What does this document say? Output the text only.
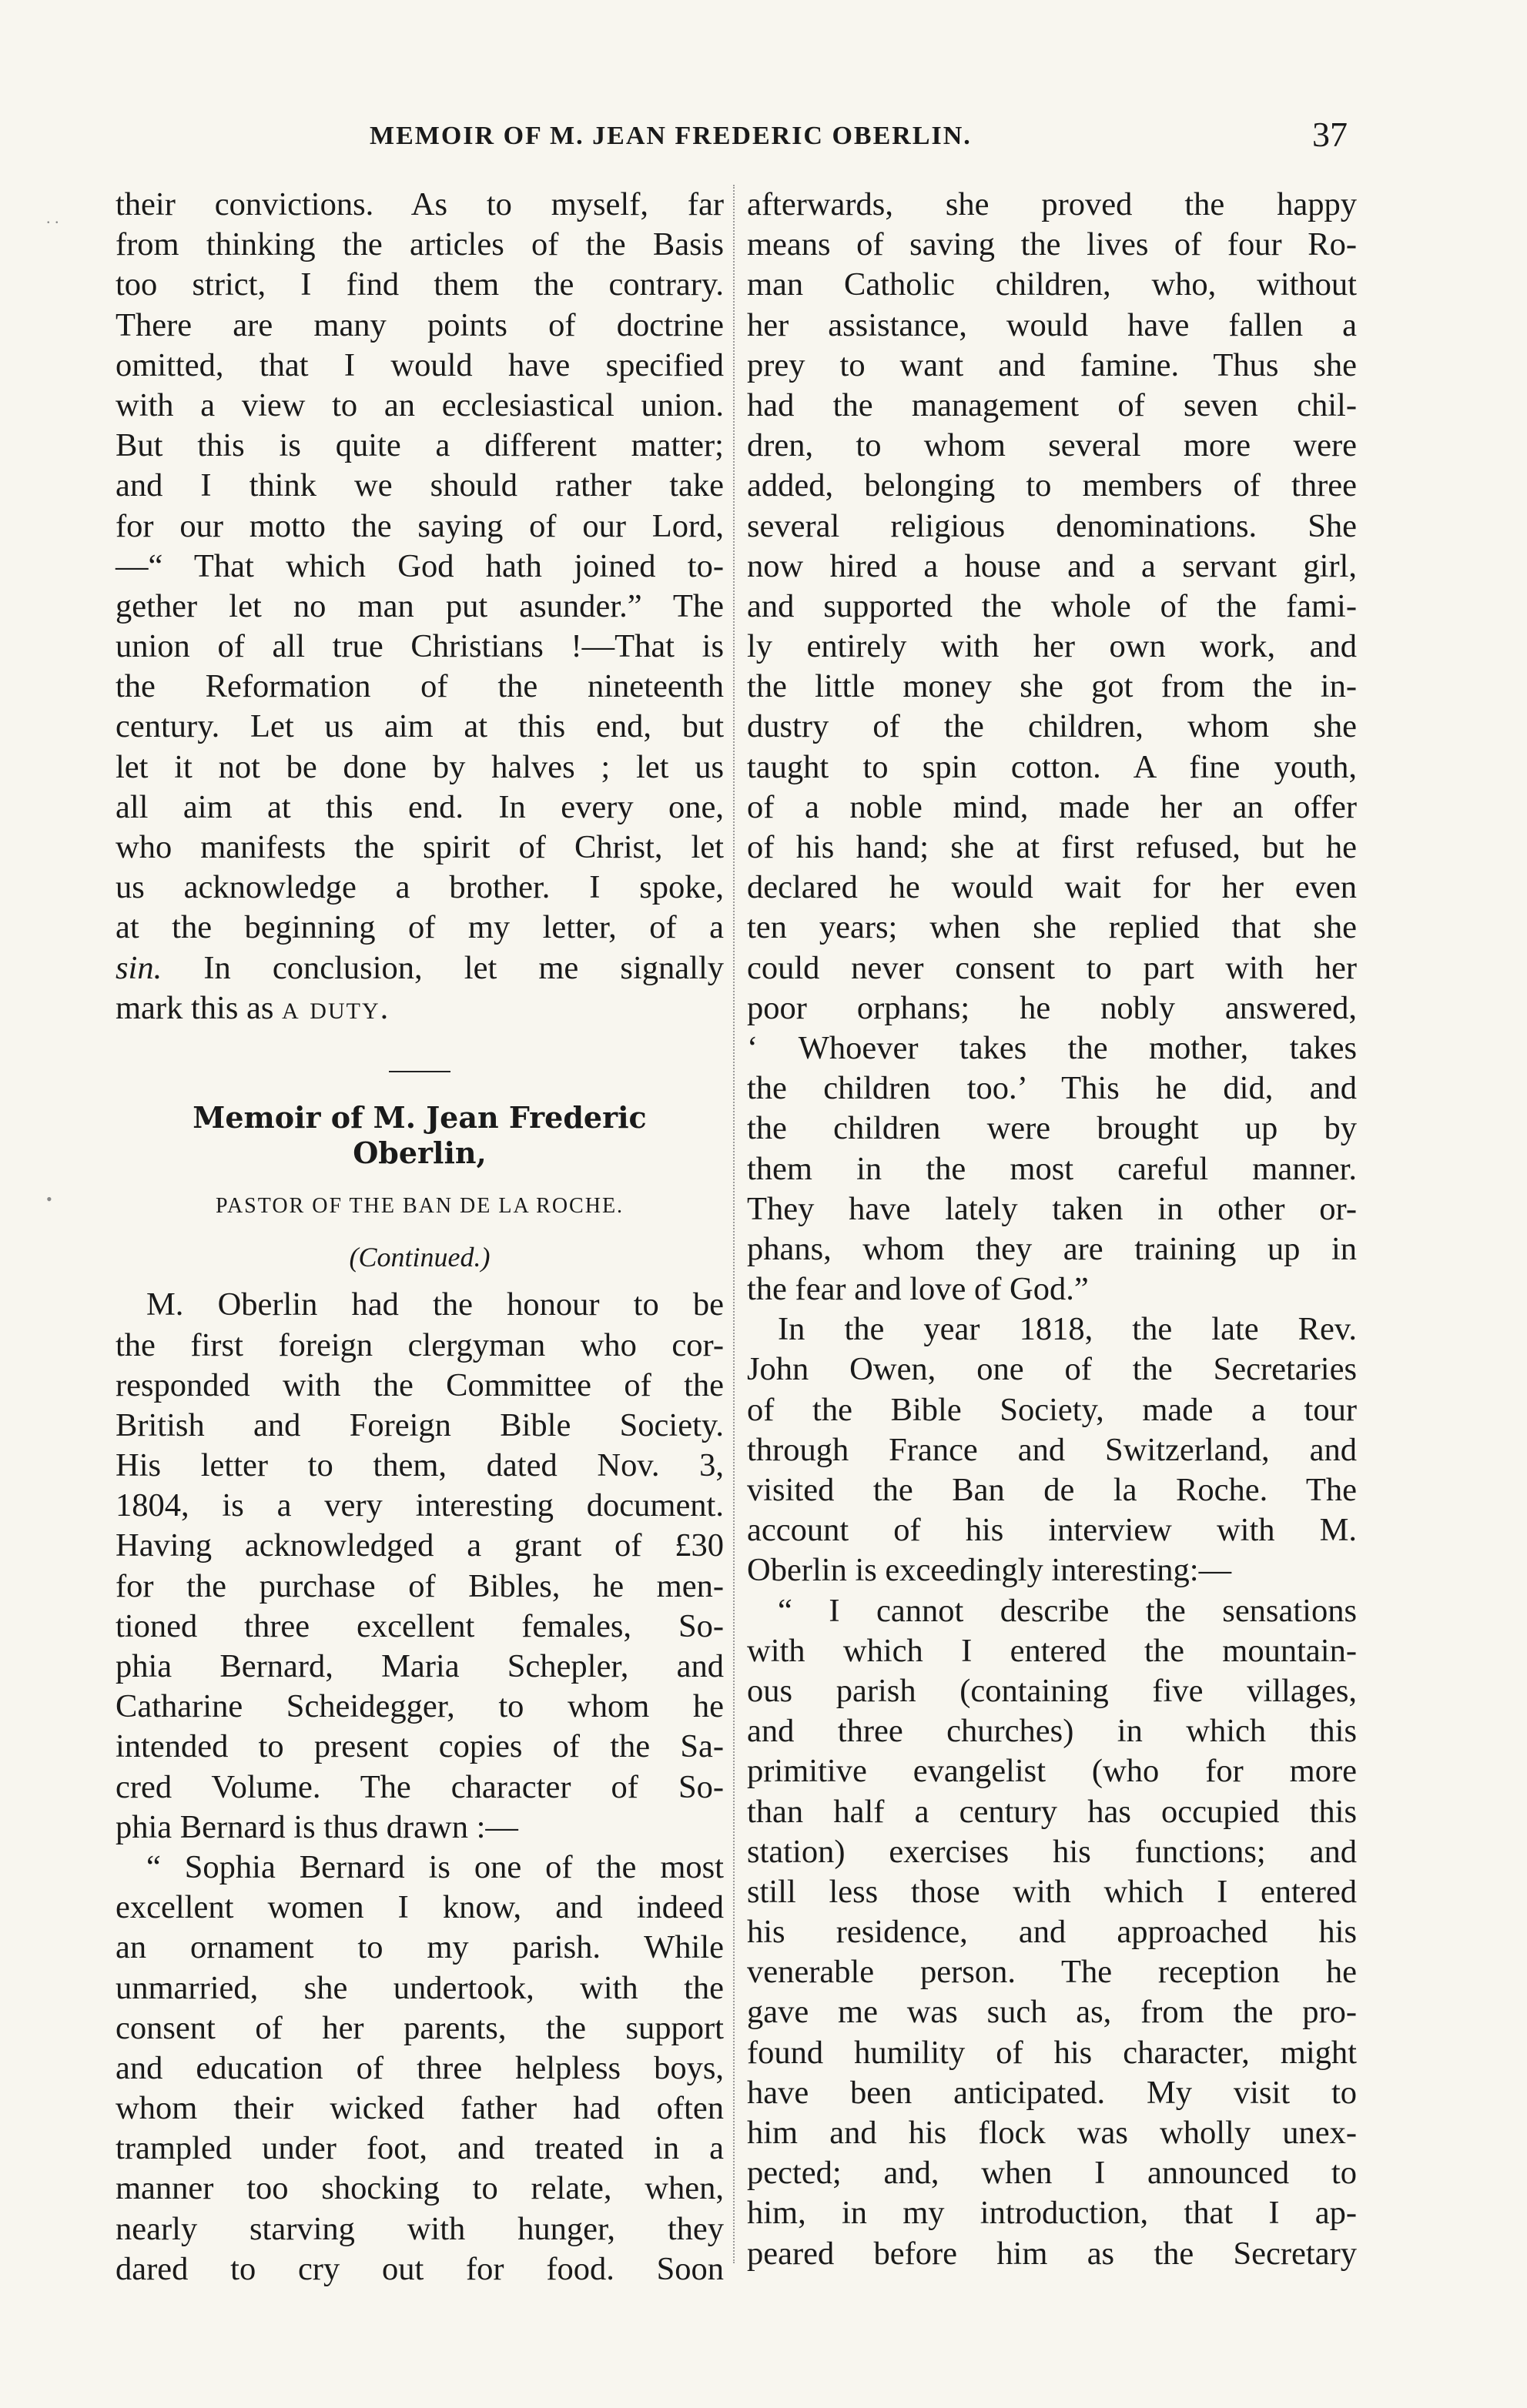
MEMOIR OF M. JEAN FREDERIC OBERLIN.	37
their convictions. As to myself, far
from thinking the articles of the Basis
too strict, I find them the contrary.
There are many points of doctrine
omitted, that I would have specified
with a view to an ecclesiastical union.
But this is quite a different matter;
and I think we should rather take
for our motto the saying of our Lord,
—“ That which God hath joined to-
gether let no man put asunder.” The
union of all true Christians !—That is
the Reformation of the nineteenth
century. Let us aim at this end, but
let it not be done by halves ; let us
all aim at this end. In every one,
who manifests the spirit of Christ, let
us acknowledge a brother. I spoke,
at the beginning of my letter, of a
sin. In conclusion, let me signally
mark this as a duty.
Memoir of M. Jean Frederic
Oberlin,
PASTOR OF THE BAN DE LA ROCHE.
(Continued.)
M. Oberlin had the honour to be
the first foreign clergyman who cor-
responded with the Committee of the
British and Foreign Bible Society.
His letter to them, dated Nov. 3,
1804, is a very interesting document.
Having acknowledged a grant of £30
for the purchase of Bibles, he men-
tioned three excellent females, So-
phia Bernard, Maria Schepler, and
Catharine Scheidegger, to whom he
intended to present copies of the Sa-
cred Volume. The character of So-
phia Bernard is thus drawn :—
“ Sophia Bernard is one of the most
excellent women I know, and indeed
an ornament to my parish. While
unmarried, she undertook, with the
consent of her parents, the support
and education of three helpless boys,
whom their wicked father had often
trampled under foot, and treated in a
manner too shocking to relate, when,
nearly starving with hunger, they
dared to cry out for food. Soon
afterwards, she proved the happy
means of saving the lives of four Ro-
man Catholic children, who, without
her assistance, would have fallen a
prey to want and famine. Thus she
had the management of seven chil-
dren, to whom several more were
added, belonging to members of three
several religious denominations. She
now hired a house and a servant girl,
and supported the whole of the fami-
ly entirely with her own work, and
the little money she got from the in-
dustry of the children, whom she
taught to spin cotton. A fine youth,
of a noble mind, made her an offer
of his hand; she at first refused, but he
declared he would wait for her even
ten years; when she replied that she
could never consent to part with her
poor orphans; he nobly answered,
‘ Whoever takes the mother, takes
the children too.’ This he did, and
the children were brought up by
them in the most careful manner.
They have lately taken in other or-
phans, whom they are training up in
the fear and love of God.”
In the year 1818, the late Rev.
John Owen, one of the Secretaries
of the Bible Society, made a tour
through France and Switzerland, and
visited the Ban de la Roche. The
account of his interview with M.
Oberlin is exceedingly interesting:—
“ I cannot describe the sensations
with which I entered the mountain-
ous parish (containing five villages,
and three churches) in which this
primitive evangelist (who for more
than half a century has occupied this
station) exercises his functions; and
still less those with which I entered
his residence, and approached his
venerable person. The reception he
gave me was such as, from the pro-
found humility of his character, might
have been anticipated. My visit to
him and his flock was wholly unex-
pected; and, when I announced to
him, in my introduction, that I ap-
peared before him as the Secretary
. .
•
